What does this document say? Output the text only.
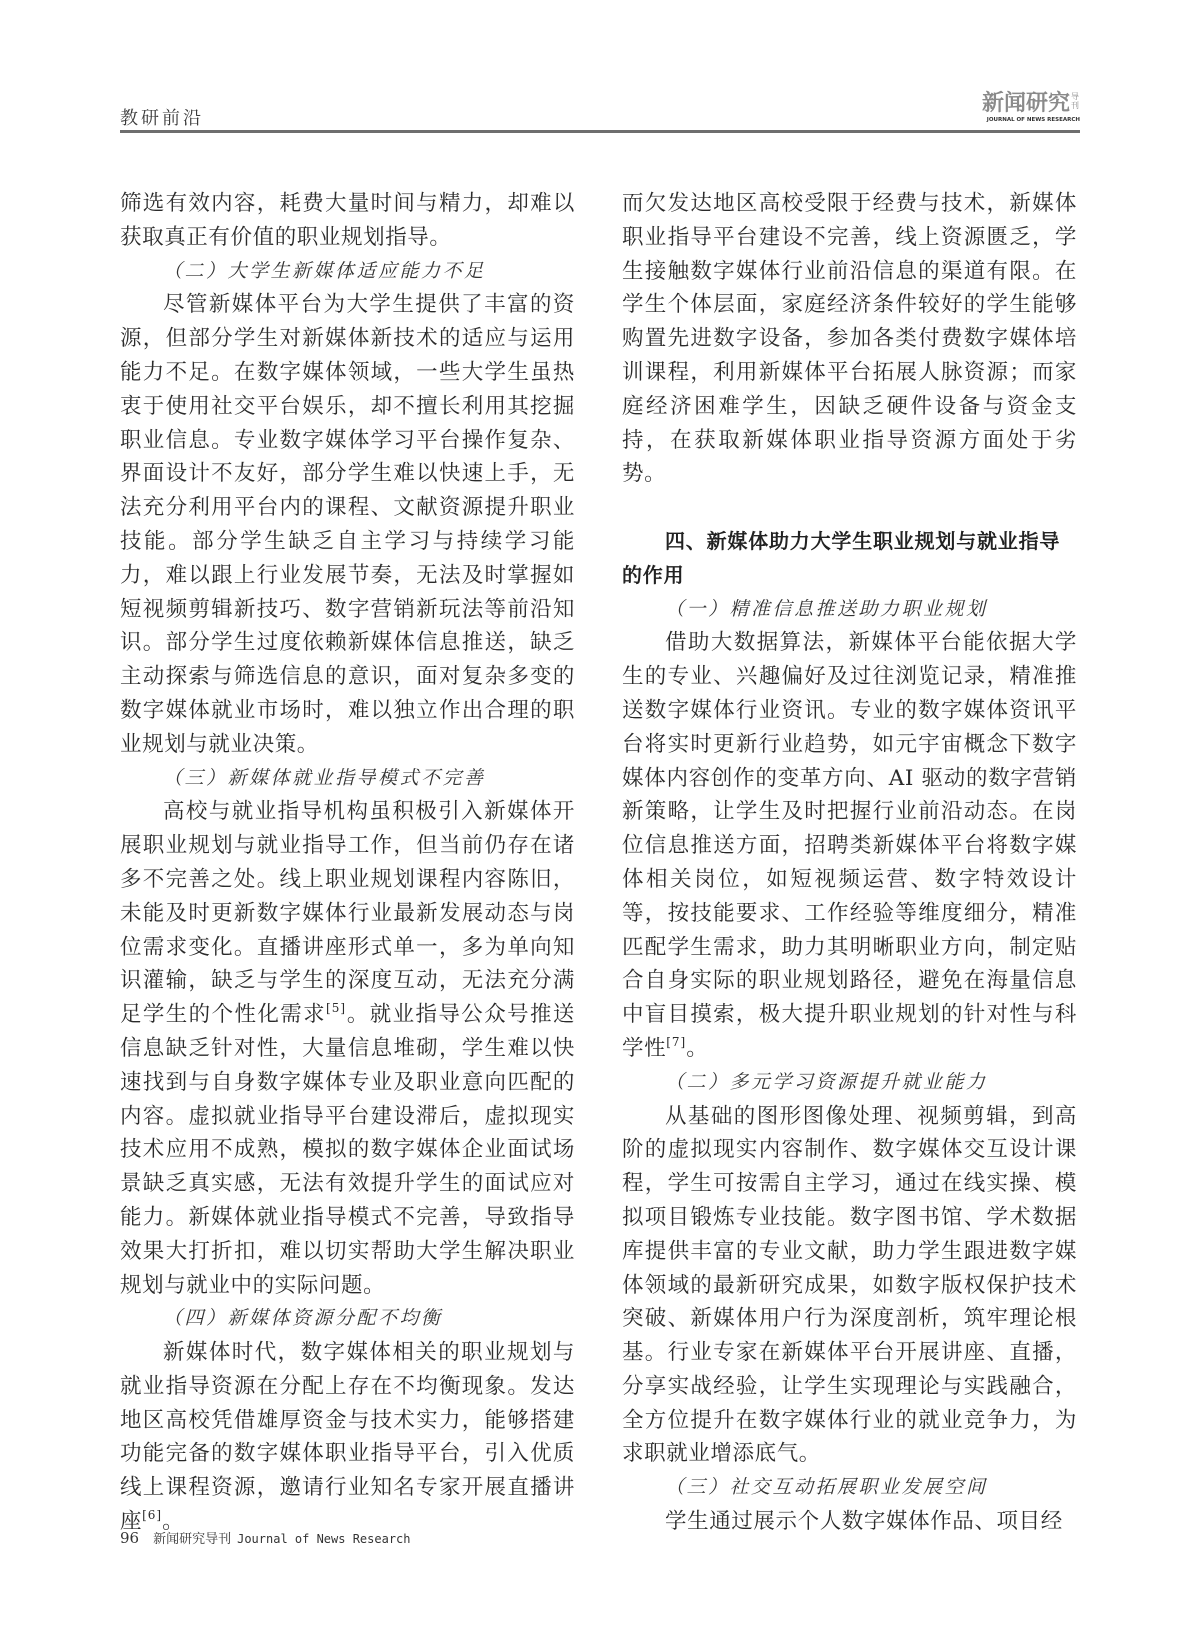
教研前沿
新闻研究导刊
JOURNAL OF NEWS RESEARCH

筛选有效内容，耗费大量时间与精力，却难以获取真正有价值的职业规划指导。

（二）大学生新媒体适应能力不足

尽管新媒体平台为大学生提供了丰富的资源，但部分学生对新媒体新技术的适应与运用能力不足。在数字媒体领域，一些大学生虽热衷于使用社交平台娱乐，却不擅长利用其挖掘职业信息。专业数字媒体学习平台操作复杂、界面设计不友好，部分学生难以快速上手，无法充分利用平台内的课程、文献资源提升职业技能。部分学生缺乏自主学习与持续学习能力，难以跟上行业发展节奏，无法及时掌握如短视频剪辑新技巧、数字营销新玩法等前沿知识。部分学生过度依赖新媒体信息推送，缺乏主动探索与筛选信息的意识，面对复杂多变的数字媒体就业市场时，难以独立作出合理的职业规划与就业决策。

（三）新媒体就业指导模式不完善

高校与就业指导机构虽积极引入新媒体开展职业规划与就业指导工作，但当前仍存在诸多不完善之处。线上职业规划课程内容陈旧，未能及时更新数字媒体行业最新发展动态与岗位需求变化。直播讲座形式单一，多为单向知识灌输，缺乏与学生的深度互动，无法充分满足学生的个性化需求[5]。就业指导公众号推送信息缺乏针对性，大量信息堆砌，学生难以快速找到与自身数字媒体专业及职业意向匹配的内容。虚拟就业指导平台建设滞后，虚拟现实技术应用不成熟，模拟的数字媒体企业面试场景缺乏真实感，无法有效提升学生的面试应对能力。新媒体就业指导模式不完善，导致指导效果大打折扣，难以切实帮助大学生解决职业规划与就业中的实际问题。

（四）新媒体资源分配不均衡

新媒体时代，数字媒体相关的职业规划与就业指导资源在分配上存在不均衡现象。发达地区高校凭借雄厚资金与技术实力，能够搭建功能完备的数字媒体职业指导平台，引入优质线上课程资源，邀请行业知名专家开展直播讲座[6]。

而欠发达地区高校受限于经费与技术，新媒体职业指导平台建设不完善，线上资源匮乏，学生接触数字媒体行业前沿信息的渠道有限。在学生个体层面，家庭经济条件较好的学生能够购置先进数字设备，参加各类付费数字媒体培训课程，利用新媒体平台拓展人脉资源；而家庭经济困难学生，因缺乏硬件设备与资金支持，在获取新媒体职业指导资源方面处于劣势。

四、新媒体助力大学生职业规划与就业指导的作用

（一）精准信息推送助力职业规划

借助大数据算法，新媒体平台能依据大学生的专业、兴趣偏好及过往浏览记录，精准推送数字媒体行业资讯。专业的数字媒体资讯平台将实时更新行业趋势，如元宇宙概念下数字媒体内容创作的变革方向、AI 驱动的数字营销新策略，让学生及时把握行业前沿动态。在岗位信息推送方面，招聘类新媒体平台将数字媒体相关岗位，如短视频运营、数字特效设计等，按技能要求、工作经验等维度细分，精准匹配学生需求，助力其明晰职业方向，制定贴合自身实际的职业规划路径，避免在海量信息中盲目摸索，极大提升职业规划的针对性与科学性[7]。

（二）多元学习资源提升就业能力

从基础的图形图像处理、视频剪辑，到高阶的虚拟现实内容制作、数字媒体交互设计课程，学生可按需自主学习，通过在线实操、模拟项目锻炼专业技能。数字图书馆、学术数据库提供丰富的专业文献，助力学生跟进数字媒体领域的最新研究成果，如数字版权保护技术突破、新媒体用户行为深度剖析，筑牢理论根基。行业专家在新媒体平台开展讲座、直播，分享实战经验，让学生实现理论与实践融合，全方位提升在数字媒体行业的就业竞争力，为求职就业增添底气。

（三）社交互动拓展职业发展空间

学生通过展示个人数字媒体作品、项目经

96 新闻研究导刊 Journal of News Research
